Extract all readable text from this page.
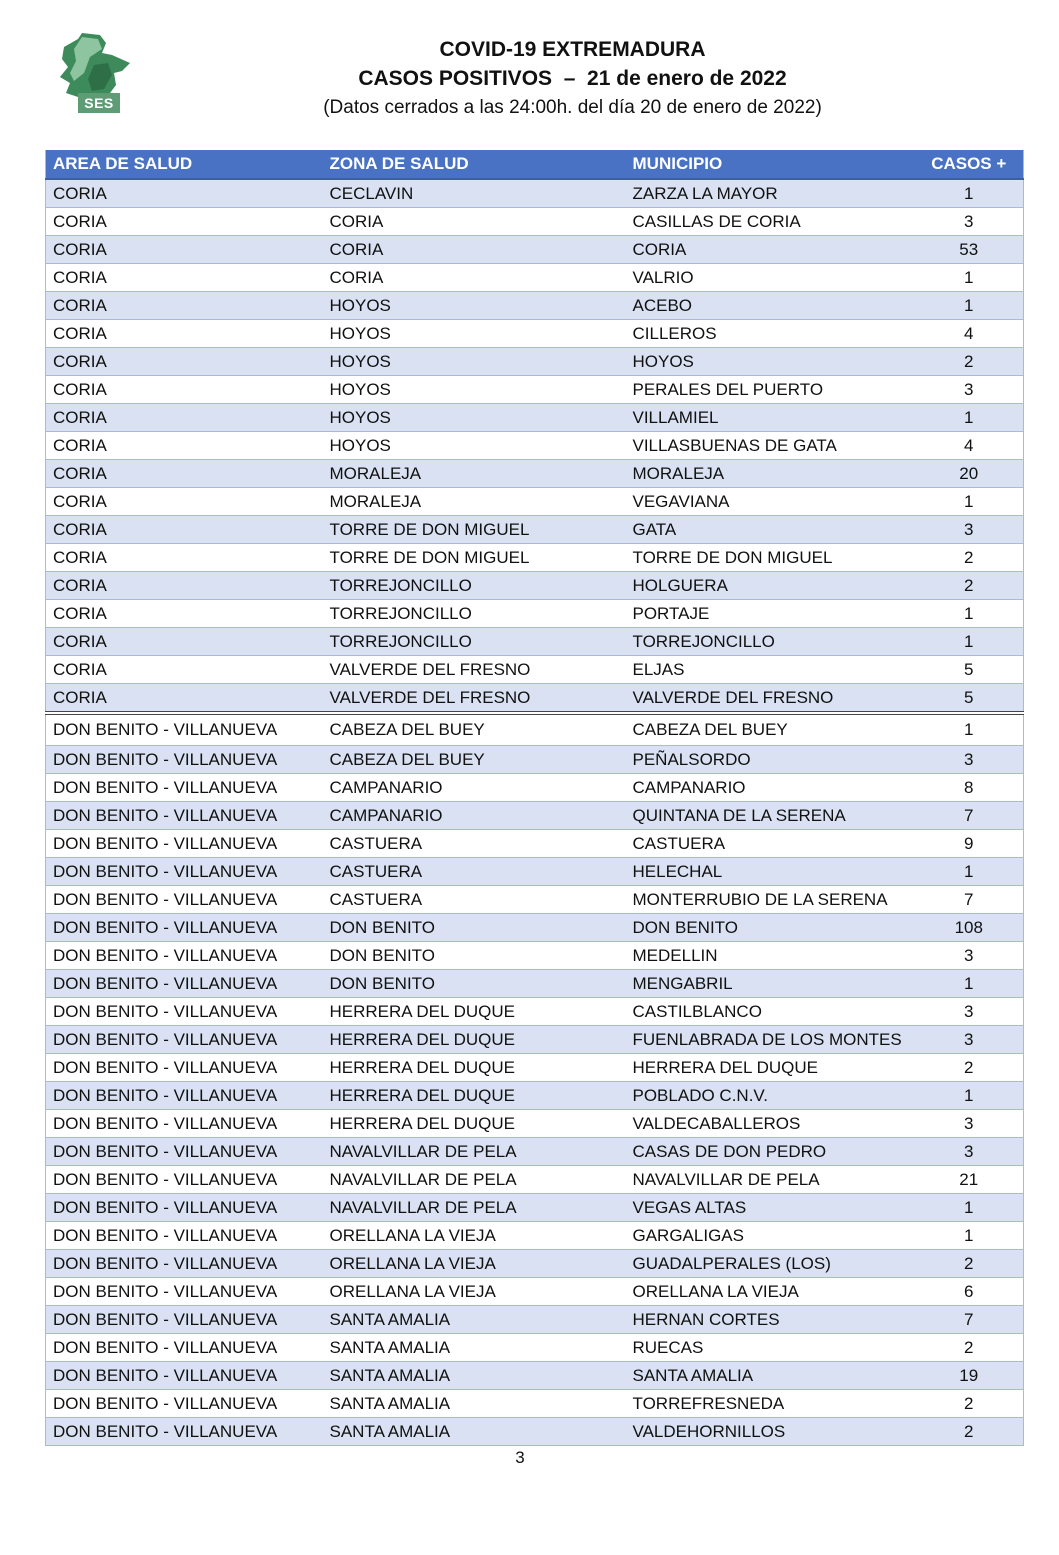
SES
COVID-19 EXTREMADURA
CASOS POSITIVOS  –  21 de enero de 2022
(Datos cerrados a las 24:00h. del día 20 de enero de 2022)
AREA DE SALUD	ZONA DE SALUD	MUNICIPIO	CASOS +
CORIA	CECLAVIN	ZARZA LA MAYOR	1
CORIA	CORIA	CASILLAS DE CORIA	3
CORIA	CORIA	CORIA	53
CORIA	CORIA	VALRIO	1
CORIA	HOYOS	ACEBO	1
CORIA	HOYOS	CILLEROS	4
CORIA	HOYOS	HOYOS	2
CORIA	HOYOS	PERALES DEL PUERTO	3
CORIA	HOYOS	VILLAMIEL	1
CORIA	HOYOS	VILLASBUENAS DE GATA	4
CORIA	MORALEJA	MORALEJA	20
CORIA	MORALEJA	VEGAVIANA	1
CORIA	TORRE DE DON MIGUEL	GATA	3
CORIA	TORRE DE DON MIGUEL	TORRE DE DON MIGUEL	2
CORIA	TORREJONCILLO	HOLGUERA	2
CORIA	TORREJONCILLO	PORTAJE	1
CORIA	TORREJONCILLO	TORREJONCILLO	1
CORIA	VALVERDE DEL FRESNO	ELJAS	5
CORIA	VALVERDE DEL FRESNO	VALVERDE DEL FRESNO	5
DON BENITO - VILLANUEVA	CABEZA DEL BUEY	CABEZA DEL BUEY	1
DON BENITO - VILLANUEVA	CABEZA DEL BUEY	PEÑALSORDO	3
DON BENITO - VILLANUEVA	CAMPANARIO	CAMPANARIO	8
DON BENITO - VILLANUEVA	CAMPANARIO	QUINTANA DE LA SERENA	7
DON BENITO - VILLANUEVA	CASTUERA	CASTUERA	9
DON BENITO - VILLANUEVA	CASTUERA	HELECHAL	1
DON BENITO - VILLANUEVA	CASTUERA	MONTERRUBIO DE LA SERENA	7
DON BENITO - VILLANUEVA	DON BENITO	DON BENITO	108
DON BENITO - VILLANUEVA	DON BENITO	MEDELLIN	3
DON BENITO - VILLANUEVA	DON BENITO	MENGABRIL	1
DON BENITO - VILLANUEVA	HERRERA DEL DUQUE	CASTILBLANCO	3
DON BENITO - VILLANUEVA	HERRERA DEL DUQUE	FUENLABRADA DE LOS MONTES	3
DON BENITO - VILLANUEVA	HERRERA DEL DUQUE	HERRERA DEL DUQUE	2
DON BENITO - VILLANUEVA	HERRERA DEL DUQUE	POBLADO C.N.V.	1
DON BENITO - VILLANUEVA	HERRERA DEL DUQUE	VALDECABALLEROS	3
DON BENITO - VILLANUEVA	NAVALVILLAR DE PELA	CASAS DE DON PEDRO	3
DON BENITO - VILLANUEVA	NAVALVILLAR DE PELA	NAVALVILLAR DE PELA	21
DON BENITO - VILLANUEVA	NAVALVILLAR DE PELA	VEGAS ALTAS	1
DON BENITO - VILLANUEVA	ORELLANA LA VIEJA	GARGALIGAS	1
DON BENITO - VILLANUEVA	ORELLANA LA VIEJA	GUADALPERALES (LOS)	2
DON BENITO - VILLANUEVA	ORELLANA LA VIEJA	ORELLANA LA VIEJA	6
DON BENITO - VILLANUEVA	SANTA AMALIA	HERNAN CORTES	7
DON BENITO - VILLANUEVA	SANTA AMALIA	RUECAS	2
DON BENITO - VILLANUEVA	SANTA AMALIA	SANTA AMALIA	19
DON BENITO - VILLANUEVA	SANTA AMALIA	TORREFRESNEDA	2
DON BENITO - VILLANUEVA	SANTA AMALIA	VALDEHORNILLOS	2
3
